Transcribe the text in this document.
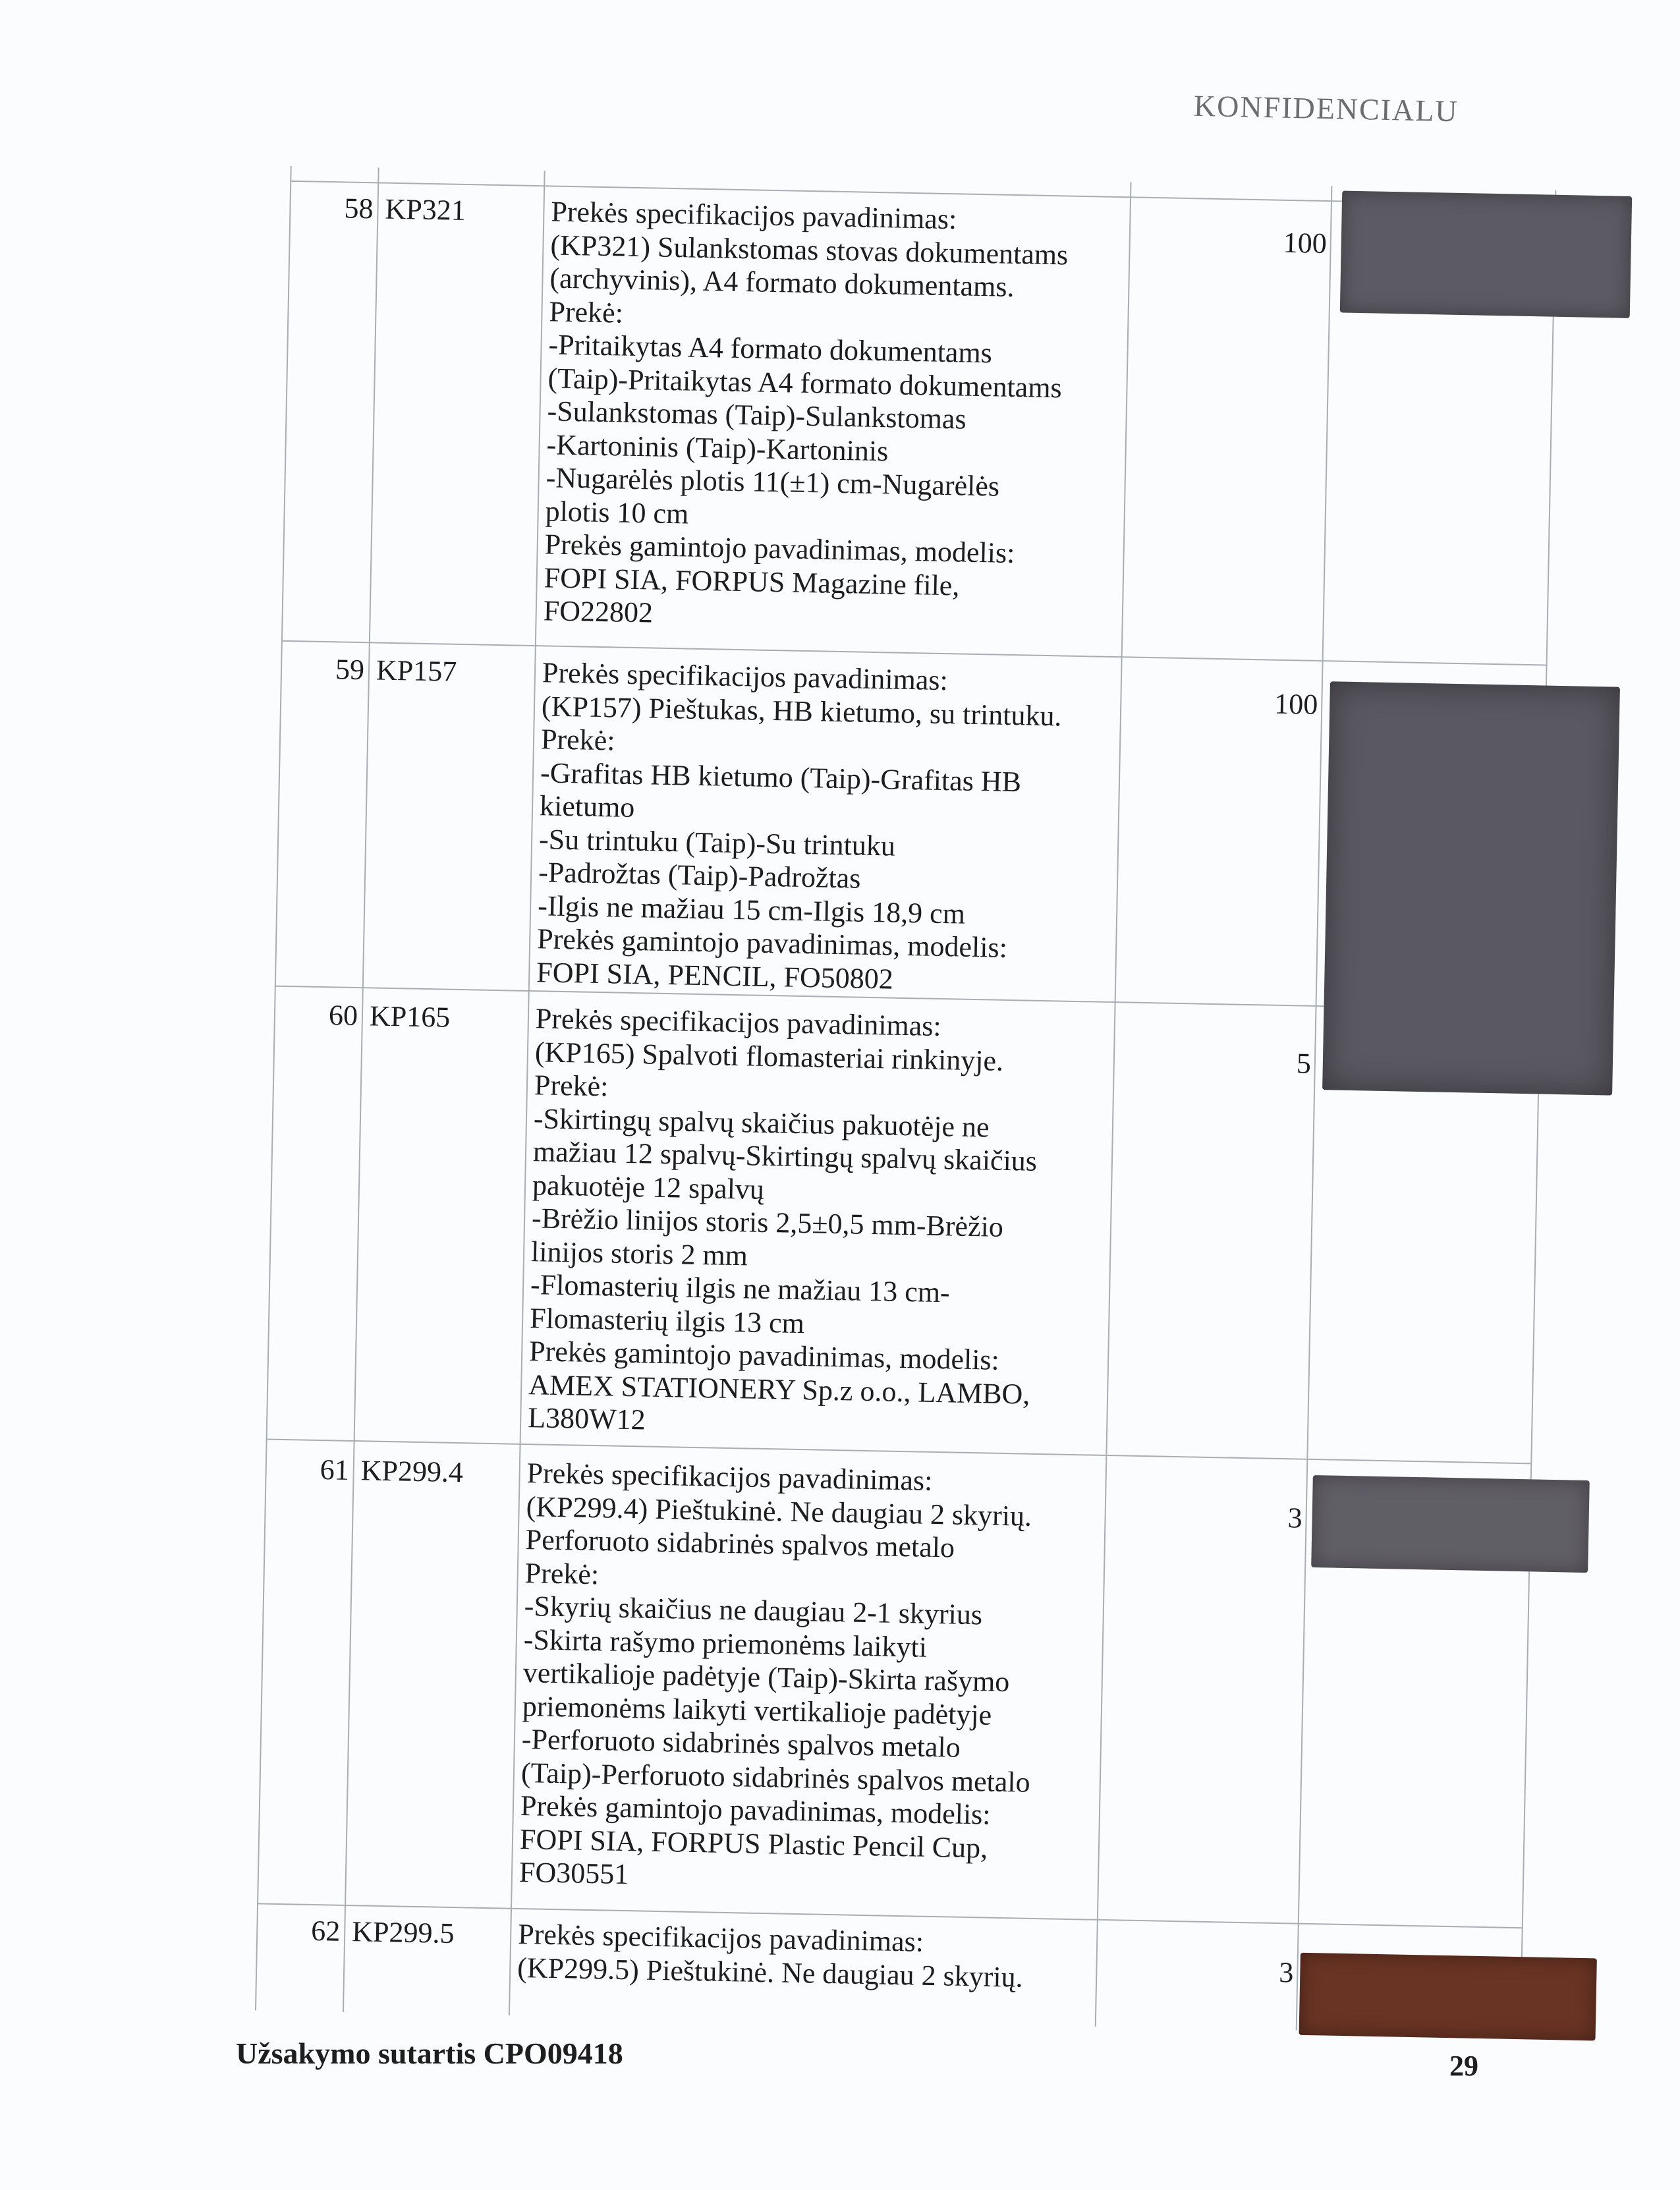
KONFIDENCIALU
58 KP321	Prekės specifikacijos pavadinimas:
(KP321) Sulankstomas stovas dokumentams
(archyvinis), A4 formato dokumentams.
Prekė:
-Pritaikytas A4 formato dokumentams
(Taip)-Pritaikytas A4 formato dokumentams
-Sulankstomas (Taip)-Sulankstomas
-Kartoninis (Taip)-Kartoninis
-Nugarėlės plotis 11(±1) cm-Nugarėlės
plotis 10 cm
Prekės gamintojo pavadinimas, modelis:
FOPI SIA, FORPUS Magazine file,
FO22802
100
59 KP157	Prekės specifikacijos pavadinimas:
(KP157) Pieštukas, HB kietumo, su trintuku.
Prekė:
-Grafitas HB kietumo (Taip)-Grafitas HB
kietumo
-Su trintuku (Taip)-Su trintuku
-Padrožtas (Taip)-Padrožtas
-Ilgis ne mažiau 15 cm-Ilgis 18,9 cm
Prekės gamintojo pavadinimas, modelis:
FOPI SIA, PENCIL, FO50802
100
60 KP165	Prekės specifikacijos pavadinimas:
(KP165) Spalvoti flomasteriai rinkinyje.
Prekė:
-Skirtingų spalvų skaičius pakuotėje ne
mažiau 12 spalvų-Skirtingų spalvų skaičius
pakuotėje 12 spalvų
-Brėžio linijos storis 2,5±0,5 mm-Brėžio
linijos storis 2 mm
-Flomasterių ilgis ne mažiau 13 cm-
Flomasterių ilgis 13 cm
Prekės gamintojo pavadinimas, modelis:
AMEX STATIONERY Sp.z o.o., LAMBO,
L380W12
5
61 KP299.4 Prekės specifikacijos pavadinimas:
(KP299.4) Pieštukinė. Ne daugiau 2 skyrių.
Perforuoto sidabrinės spalvos metalo
Prekė:
-Skyrių skaičius ne daugiau 2-1 skyrius
-Skirta rašymo priemonėms laikyti
vertikalioje padėtyje (Taip)-Skirta rašymo
priemonėms laikyti vertikalioje padėtyje
-Perforuoto sidabrinės spalvos metalo
(Taip)-Perforuoto sidabrinės spalvos metalo
Prekės gamintojo pavadinimas, modelis:
FOPI SIA, FORPUS Plastic Pencil Cup,
FO30551
3
62 KP299.5 Prekės specifikacijos pavadinimas:
(KP299.5) Pieštukinė. Ne daugiau 2 skyrių.	3
Užsakymo sutartis CPO09418	29
